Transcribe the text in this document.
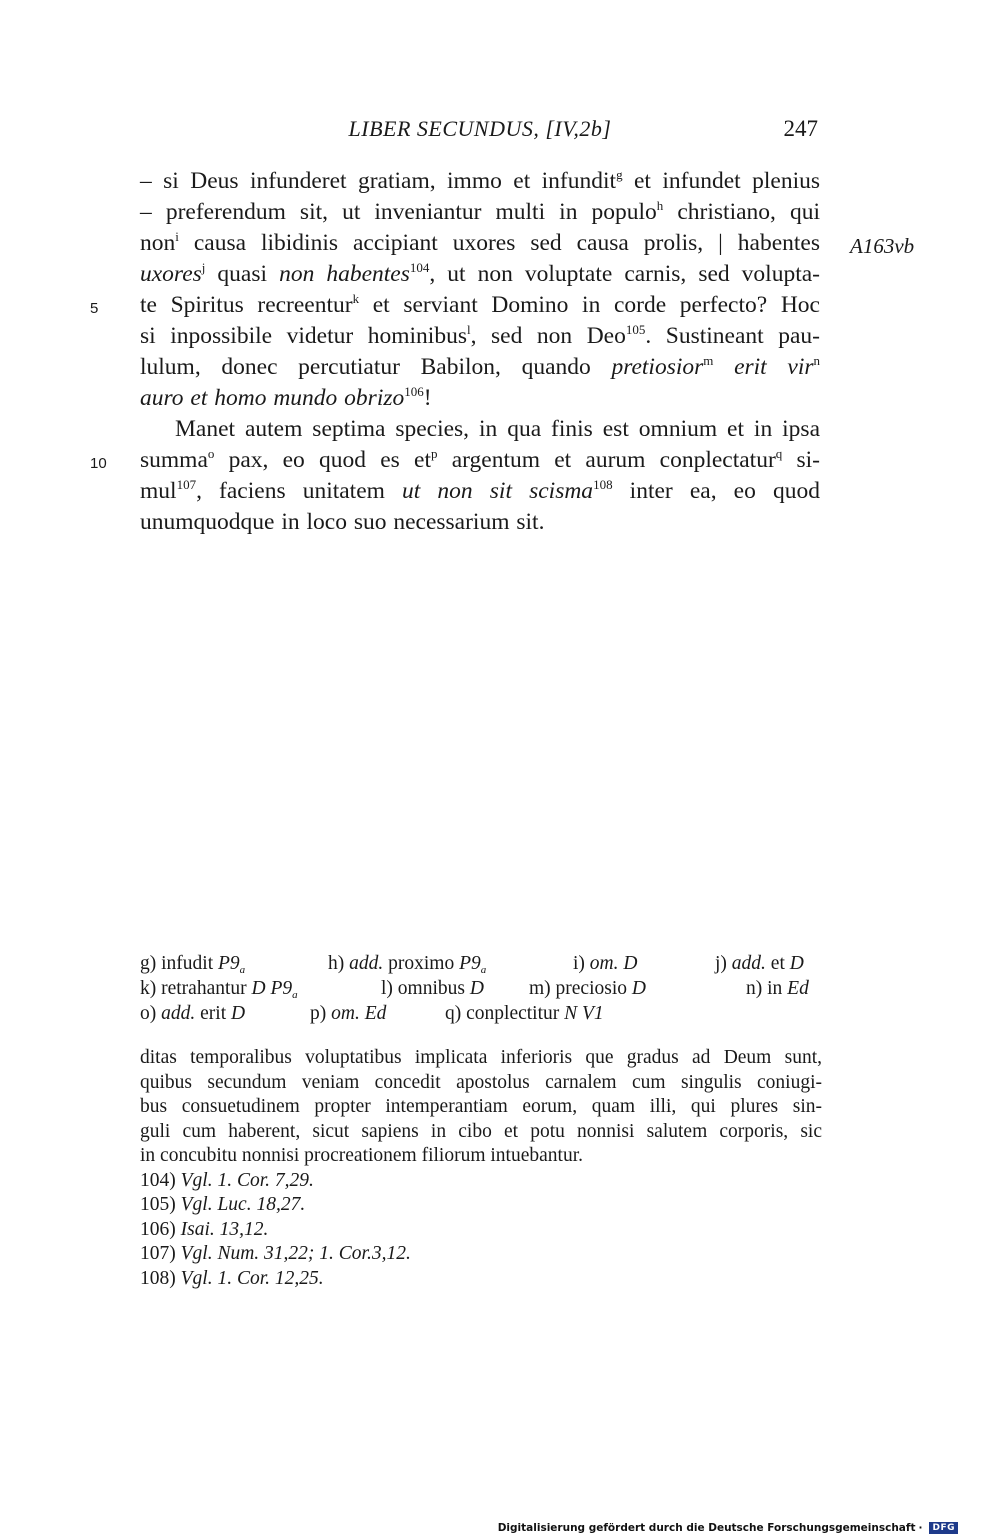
LIBER SECUNDUS, [IV,2b]	247
A163vb
5
10
– si Deus infunderet gratiam, immo et infundit$^g$ et infundet plenius
– preferendum sit, ut inveniantur multi in populo$^h$ christiano, qui
non$^i$ causa libidinis accipiant uxores sed causa prolis, | habentes
uxores$^j$ quasi non habentes$^{104}$, ut non voluptate carnis, sed volupta-
te Spiritus recreentur$^k$ et serviant Domino in corde perfecto? Hoc
si inpossibile videtur hominibus$^l$, sed non Deo$^{105}$. Sustineant pau-
lulum, donec percutiatur Babilon, quando pretiosior$^m$ erit vir$^n$
auro et homo mundo obrizo$^{106}$!
Manet autem septima species, in qua finis est omnium et in ipsa
summa$^o$ pax, eo quod es $et^p$ argentum et aurum conplectatur$^q$ si-
mul$^{107}$, faciens unitatem ut non sit scisma$^{108}$ inter ea, eo quod
unumquodque in loco suo necessarium sit.
g) infudit $P9_a$	h) add. proximo $P9_a$	i) om. D	j) add. et D
k) retrahantur D $P9_a$	l) omnibus D m) preciosio D	n) in Ed
o) add. erit D	p) om. Ed	q) conplectitur N V1
ditas temporalibus voluptatibus implicata inferioris que gradus ad Deum sunt,
quibus secundum veniam concedit apostolus carnalem cum singulis coniugi-
bus consuetudinem propter intemperantiam eorum, quam illi, qui plures sin-
guli cum haberent, sicut sapiens in cibo et potu nonnisi salutem corporis, sic
in concubitu nonnisi procreationem filiorum intuebantur.
104) Vgl. 1. Cor. 7,29.
105) Vgl. Luc. 18,27.
106) Isai. 13,12.
107) Vgl. Num. 31,22; 1. Cor.3,12.
108) Vgl. 1. Cor. 12,25.
Digitalisierung gefördert durch die Deutsche Forschungsgemeinschaft ·	DFG
